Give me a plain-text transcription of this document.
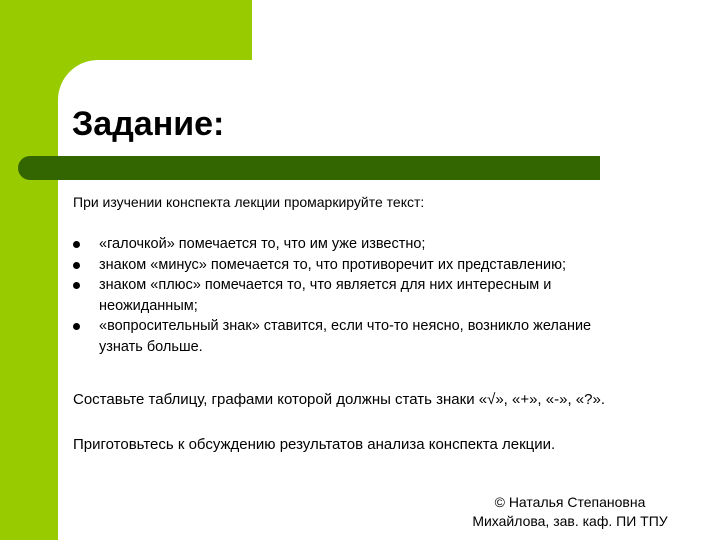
Задание:
При изучении конспекта лекции промаркируйте текст:
«галочкой» помечается то, что им уже известно;
знаком «минус» помечается то, что противоречит их представлению;
знаком «плюс» помечается то, что является для них интересным и
неожиданным;
«вопросительный знак» ставится, если что-то неясно, возникло желание
узнать больше.
Составьте таблицу, графами которой должны стать знаки «√», «+», «-», «?».
Приготовьтесь к обсуждению результатов анализа конспекта лекции.
© Наталья Степановна
Михайлова, зав. каф. ПИ ТПУ
